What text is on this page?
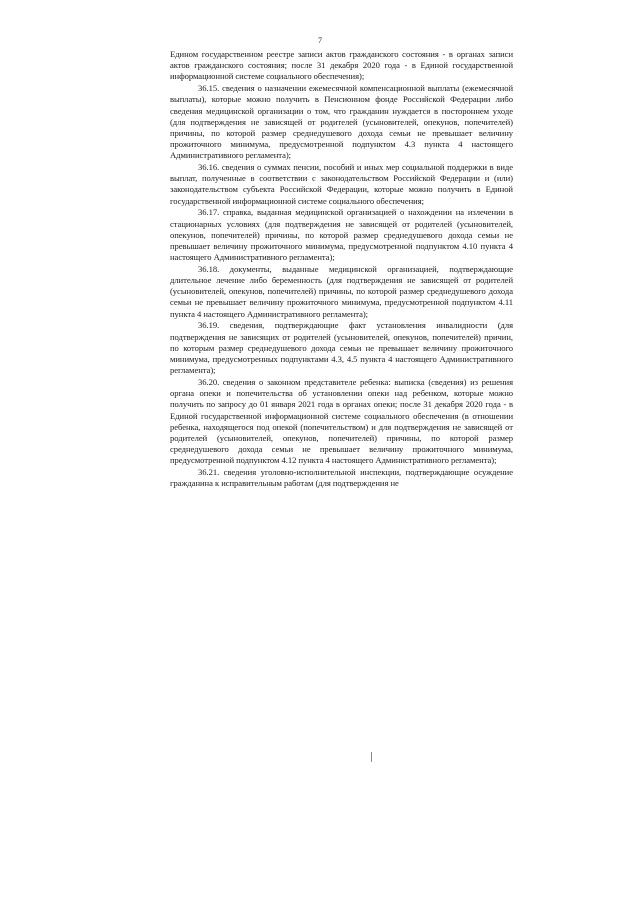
7

Едином государственном реестре записи актов гражданского состояния - в органах записи актов гражданского состояния; после 31 декабря 2020 года - в Единой государственной информационной системе социального обеспечения);

36.15. сведения о назначении ежемесячной компенсационной выплаты (ежемесячной выплаты), которые можно получить в Пенсионном фонде Российской Федерации либо сведения медицинской организации о том, что гражданин нуждается в постороннем уходе (для подтверждения не зависящей от родителей (усыновителей, опекунов, попечителей) причины, по которой размер среднедушевого дохода семьи не превышает величину прожиточного минимума, предусмотренной подпунктом 4.3 пункта 4 настоящего Административного регламента);

36.16. сведения о суммах пенсии, пособий и иных мер социальной поддержки в виде выплат, полученные в соответствии с законодательством Российской Федерации и (или) законодательством субъекта Российской Федерации, которые можно получить в Единой государственной информационной системе социального обеспечения;

36.17. справка, выданная медицинской организацией о нахождении на излечении в стационарных условиях (для подтверждения не зависящей от родителей (усыновителей, опекунов, попечителей) причины, по которой размер среднедушевого дохода семьи не превышает величину прожиточного минимума, предусмотренной подпунктом 4.10 пункта 4 настоящего Административного регламента);

36.18. документы, выданные медицинской организацией, подтверждающие длительное лечение либо беременность (для подтверждения не зависящей от родителей (усыновителей, опекунов, попечителей) причины, по которой размер среднедушевого дохода семьи не превышает величину прожиточного минимума, предусмотренной подпунктом 4.11 пункта 4 настоящего Административного регламента);

36.19. сведения, подтверждающие факт установления инвалидности (для подтверждения не зависящих от родителей (усыновителей, опекунов, попечителей) причин, по которым размер среднедушевого дохода семьи не превышает величину прожиточного минимума, предусмотренных подпунктами 4.3, 4.5 пункта 4 настоящего Административного регламента);

36.20. сведения о законном представителе ребенка: выписка (сведения) из решения органа опеки и попечительства об установлении опеки над ребенком, которые можно получить по запросу до 01 января 2021 года в органах опеки; после 31 декабря 2020 года - в Единой государственной информационной системе социального обеспечения (в отношении ребенка, находящегося под опекой (попечительством) и для подтверждения не зависящей от родителей (усыновителей, опекунов, попечителей) причины, по которой размер среднедушевого дохода семьи не превышает величину прожиточного минимума, предусмотренной подпунктом 4.12 пункта 4 настоящего Административного регламента);

36.21. сведения уголовно-исполнительной инспекции, подтверждающие осуждение гражданина к исправительным работам (для подтверждения не
